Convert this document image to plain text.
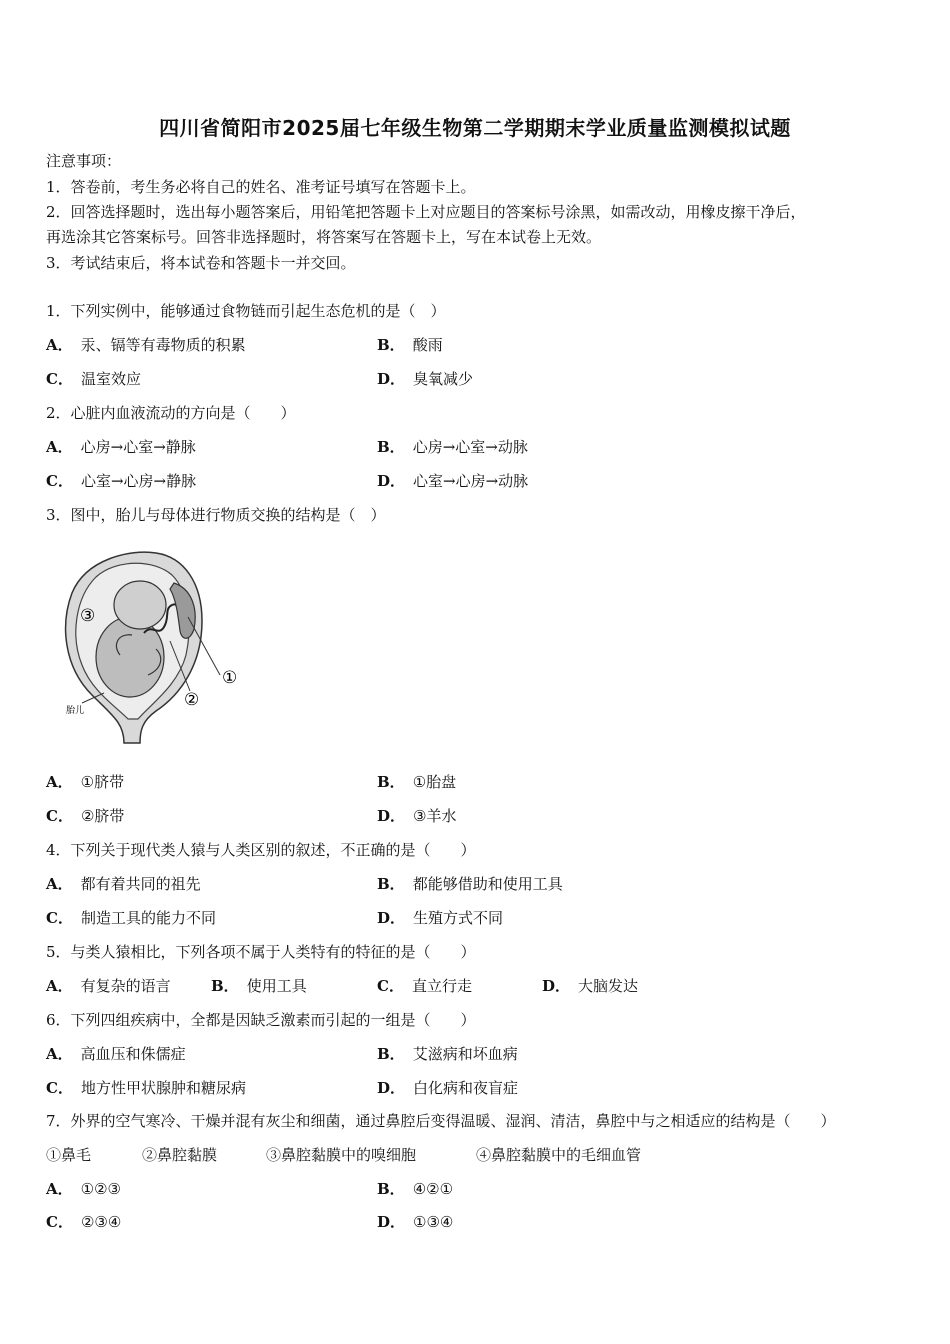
四川省简阳市2025届七年级生物第二学期期末学业质量监测模拟试题
注意事项：
1．答卷前，考生务必将自己的姓名、准考证号填写在答题卡上。
2．回答选择题时，选出每小题答案后，用铅笔把答题卡上对应题目的答案标号涂黑，如需改动，用橡皮擦干净后，
再选涂其它答案标号。回答非选择题时，将答案写在答题卡上，写在本试卷上无效。
3．考试结束后，将本试卷和答题卡一并交回。
1．下列实例中，能够通过食物链而引起生态危机的是（　）
A． 汞、镉等有毒物质的积累	B． 酸雨
C． 温室效应	D． 臭氧减少
2．心脏内血液流动的方向是（　　）
A． 心房→心室→静脉	B． 心房→心室→动脉
C． 心室→心房→静脉	D． 心室→心房→动脉
3．图中，胎儿与母体进行物质交换的结构是（　）
①
②
③
胎儿
A． ①脐带	B． ①胎盘
C． ②脐带	D． ③羊水
4．下列关于现代类人猿与人类区别的叙述，不正确的是（　　）
A． 都有着共同的祖先	B． 都能够借助和使用工具
C． 制造工具的能力不同	D． 生殖方式不同
5．与类人猿相比，下列各项不属于人类特有的特征的是（　　）
A． 有复杂的语言	B． 使用工具	C． 直立行走	D． 大脑发达
6．下列四组疾病中，全都是因缺乏激素而引起的一组是（　　）
A． 高血压和侏儒症	B． 艾滋病和坏血病
C． 地方性甲状腺肿和糖尿病	D． 白化病和夜盲症
7．外界的空气寒冷、干燥并混有灰尘和细菌，通过鼻腔后变得温暖、湿润、清洁，鼻腔中与之相适应的结构是（　　）
①鼻毛	②鼻腔黏膜	③鼻腔黏膜中的嗅细胞	④鼻腔黏膜中的毛细血管
A． ①②③	B． ④②①
C． ②③④	D． ①③④
